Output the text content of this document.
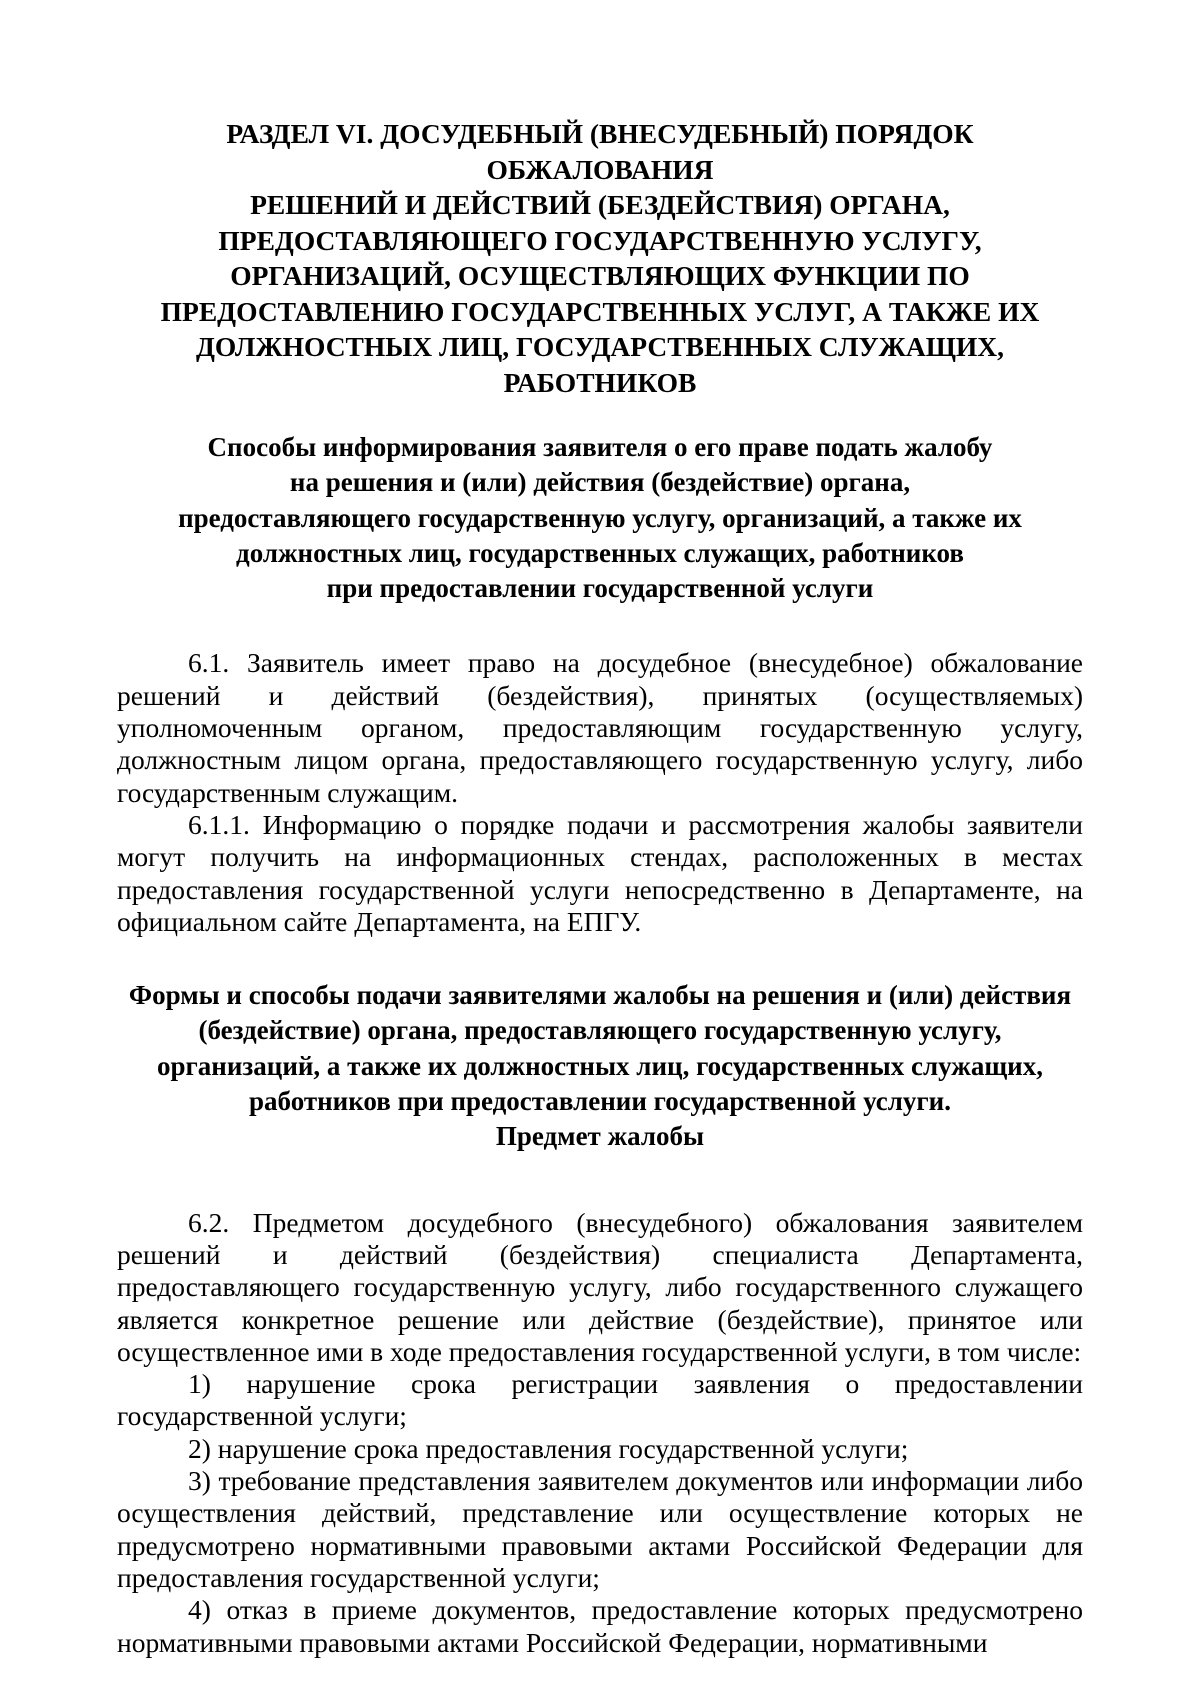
РАЗДЕЛ VI. ДОСУДЕБНЫЙ (ВНЕСУДЕБНЫЙ) ПОРЯДОК ОБЖАЛОВАНИЯ
РЕШЕНИЙ И ДЕЙСТВИЙ (БЕЗДЕЙСТВИЯ) ОРГАНА,
ПРЕДОСТАВЛЯЮЩЕГО ГОСУДАРСТВЕННУЮ УСЛУГУ,
ОРГАНИЗАЦИЙ, ОСУЩЕСТВЛЯЮЩИХ ФУНКЦИИ ПО
ПРЕДОСТАВЛЕНИЮ ГОСУДАРСТВЕННЫХ УСЛУГ, А ТАКЖЕ ИХ
ДОЛЖНОСТНЫХ ЛИЦ, ГОСУДАРСТВЕННЫХ СЛУЖАЩИХ,
РАБОТНИКОВ
Способы информирования заявителя о его праве подать жалобу
на решения и (или) действия (бездействие) органа,
предоставляющего государственную услугу, организаций, а также их
должностных лиц, государственных служащих, работников
при предоставлении государственной услуги

6.1. Заявитель имеет право на досудебное (внесудебное) обжалование решений и действий (бездействия), принятых (осуществляемых) уполномоченным органом, предоставляющим государственную услугу, должностным лицом органа, предоставляющего государственную услугу, либо государственным служащим.

6.1.1. Информацию о порядке подачи и рассмотрения жалобы заявители могут получить на информационных стендах, расположенных в местах предоставления государственной услуги непосредственно в Департаменте, на официальном сайте Департамента, на ЕПГУ.

Формы и способы подачи заявителями жалобы на решения и (или) действия
(бездействие) органа, предоставляющего государственную услугу,
организаций, а также их должностных лиц, государственных служащих,
работников при предоставлении государственной услуги.
Предмет жалобы

6.2. Предметом досудебного (внесудебного) обжалования заявителем решений и действий (бездействия) специалиста Департамента, предоставляющего государственную услугу, либо государственного служащего является конкретное решение или действие (бездействие), принятое или осуществленное ими в ходе предоставления государственной услуги, в том числе:

1) нарушение срока регистрации заявления о предоставлении государственной услуги;

2) нарушение срока предоставления государственной услуги;

3) требование представления заявителем документов или информации либо осуществления действий, представление или осуществление которых не предусмотрено нормативными правовыми актами Российской Федерации для предоставления государственной услуги;

4) отказ в приеме документов, предоставление которых предусмотрено нормативными правовыми актами Российской Федерации, нормативными
